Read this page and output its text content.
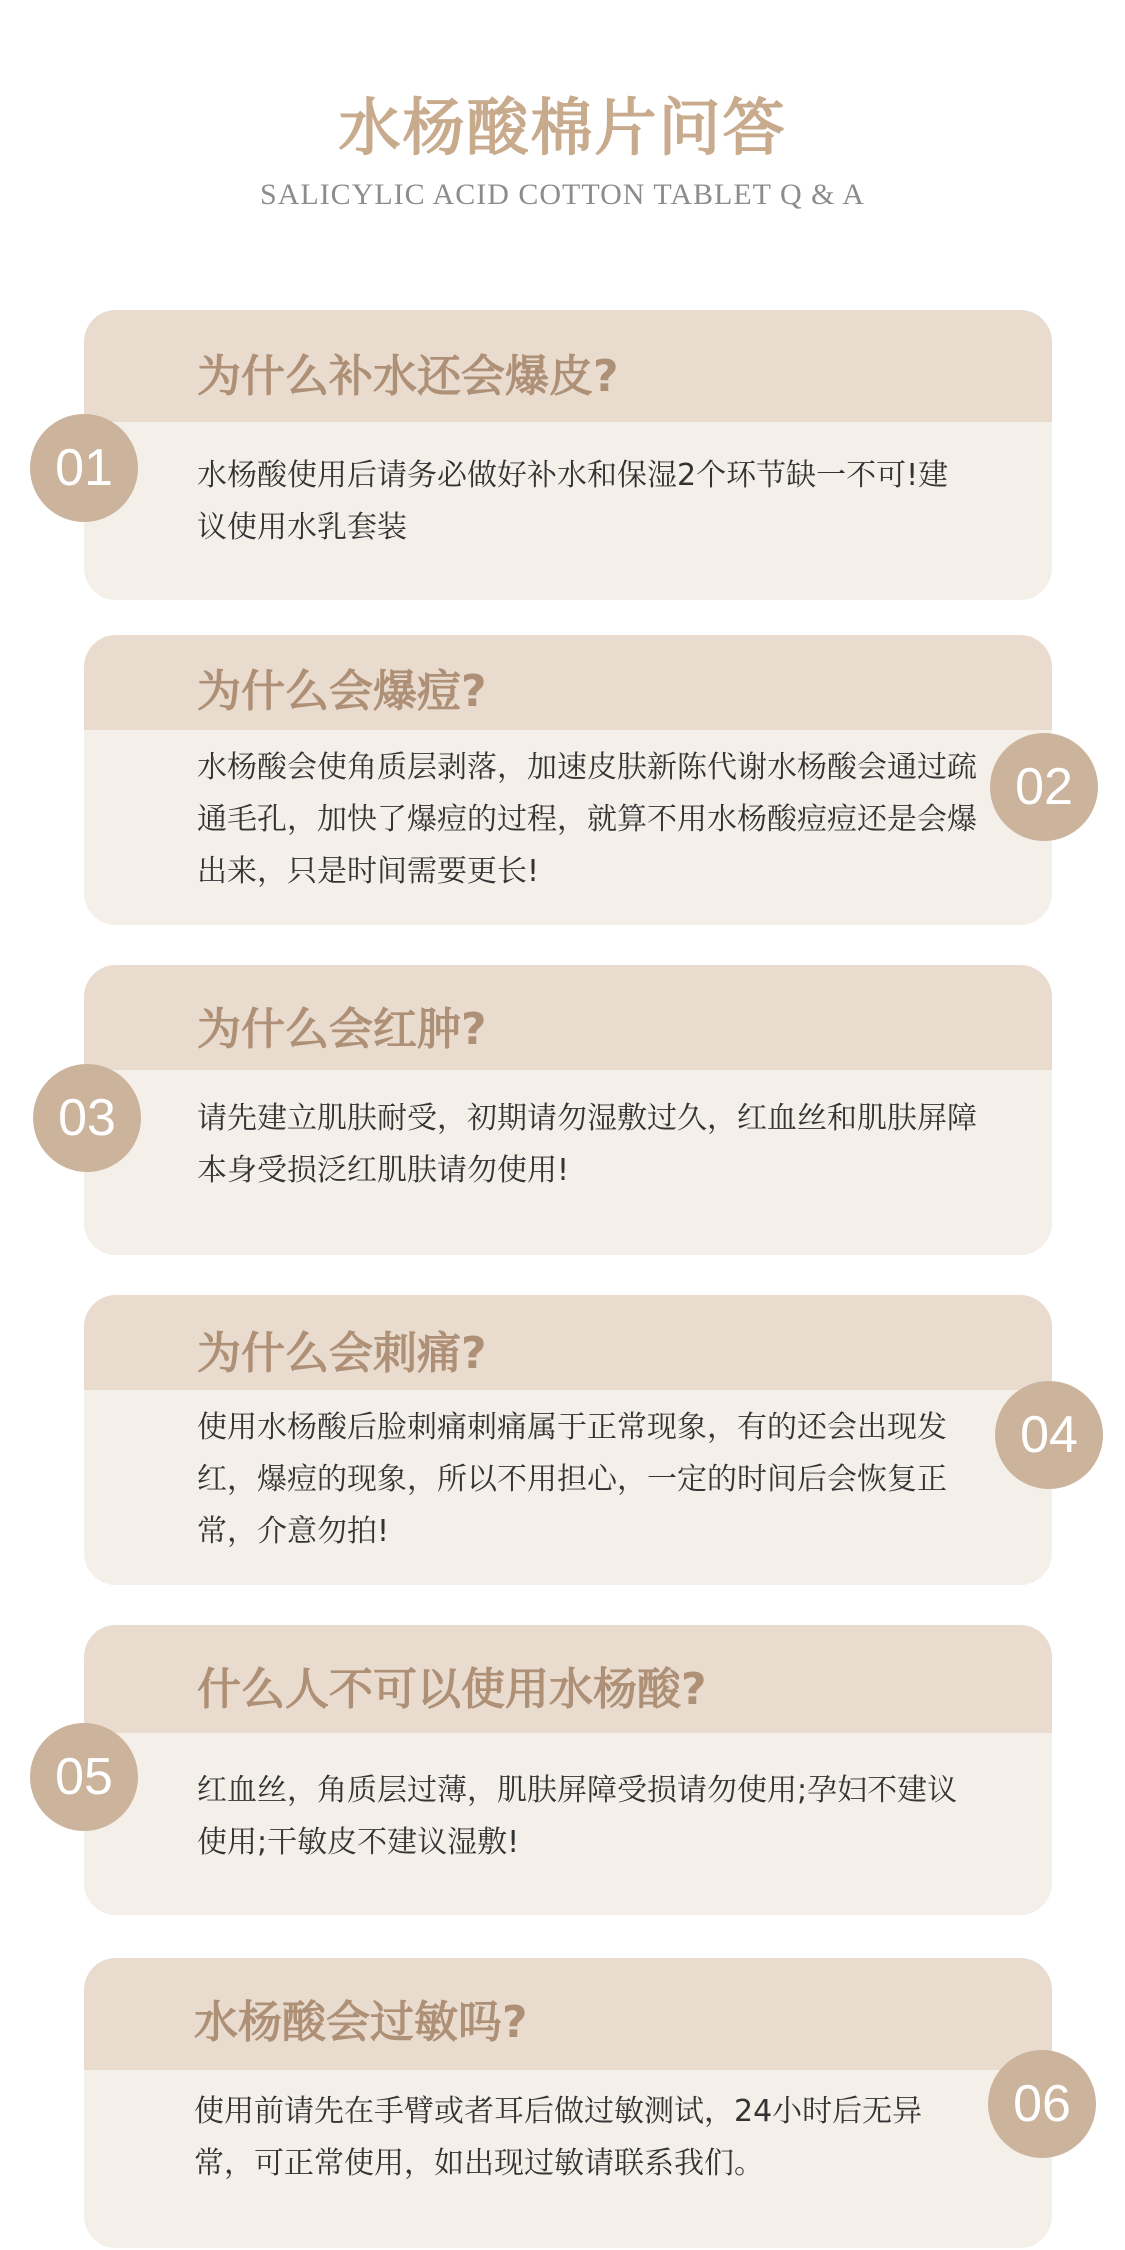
水杨酸棉片问答
SALICYLIC ACID COTTON TABLET Q & A
为什么补水还会爆皮?
水杨酸使用后请务必做好补水和保湿2个环节缺一不可!建议使用水乳套装
01
为什么会爆痘?
水杨酸会使角质层剥落，加速皮肤新陈代谢水杨酸会通过疏通毛孔，加快了爆痘的过程，就算不用水杨酸痘痘还是会爆出来，只是时间需要更长!
02
为什么会红肿?
请先建立肌肤耐受，初期请勿湿敷过久，红血丝和肌肤屏障本身受损泛红肌肤请勿使用!
03
为什么会刺痛?
使用水杨酸后脸刺痛刺痛属于正常现象，有的还会出现发红，爆痘的现象，所以不用担心，一定的时间后会恢复正常，介意勿拍!
04
什么人不可以使用水杨酸?
红血丝，角质层过薄，肌肤屏障受损请勿使用;孕妇不建议使用;干敏皮不建议湿敷!
05
水杨酸会过敏吗?
使用前请先在手臂或者耳后做过敏测试，24小时后无异常，可正常使用，如出现过敏请联系我们。
06
